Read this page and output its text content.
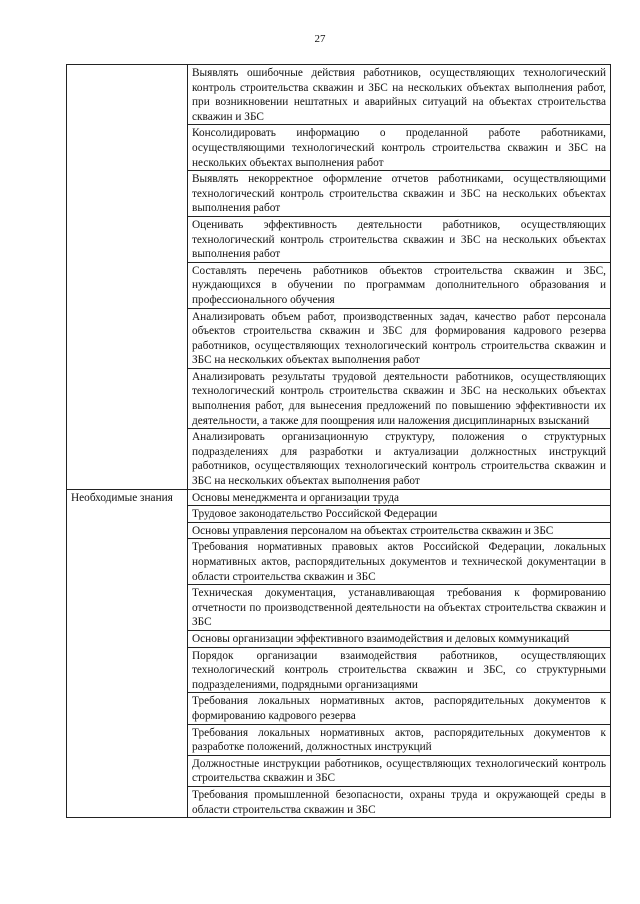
27
	Выявлять ошибочные действия работников, осуществляющих технологический контроль строительства скважин и ЗБС на нескольких объектах выполнения работ, при возникновении нештатных и аварийных ситуаций на объектах строительства скважин и ЗБС
	Консолидировать информацию о проделанной работе работниками, осуществляющими технологический контроль строительства скважин и ЗБС на нескольких объектах выполнения работ
	Выявлять некорректное оформление отчетов работниками, осуществляющими технологический контроль строительства скважин и ЗБС на нескольких объектах выполнения работ
	Оценивать эффективность деятельности работников, осуществляющих технологический контроль строительства скважин и ЗБС на нескольких объектах выполнения работ
	Составлять перечень работников объектов строительства скважин и ЗБС, нуждающихся в обучении по программам дополнительного образования и профессионального обучения
	Анализировать объем работ, производственных задач, качество работ персонала объектов строительства скважин и ЗБС для формирования кадрового резерва работников, осуществляющих технологический контроль строительства скважин и ЗБС на нескольких объектах выполнения работ
	Анализировать результаты трудовой деятельности работников, осуществляющих технологический контроль строительства скважин и ЗБС на нескольких объектах выполнения работ, для вынесения предложений по повышению эффективности их деятельности, а также для поощрения или наложения дисциплинарных взысканий
	Анализировать организационную структуру, положения о структурных подразделениях для разработки и актуализации должностных инструкций работников, осуществляющих технологический контроль строительства скважин и ЗБС на нескольких объектах выполнения работ
Необходимые знания	Основы менеджмента и организации труда
	Трудовое законодательство Российской Федерации
	Основы управления персоналом на объектах строительства скважин и ЗБС
	Требования нормативных правовых актов Российской Федерации, локальных нормативных актов, распорядительных документов и технической документации в области строительства скважин и ЗБС
	Техническая документация, устанавливающая требования к формированию отчетности по производственной деятельности на объектах строительства скважин и ЗБС
	Основы организации эффективного взаимодействия и деловых коммуникаций
	Порядок организации взаимодействия работников, осуществляющих технологический контроль строительства скважин и ЗБС, со структурными подразделениями, подрядными организациями
	Требования локальных нормативных актов, распорядительных документов к формированию кадрового резерва
	Требования локальных нормативных актов, распорядительных документов к разработке положений, должностных инструкций
	Должностные инструкции работников, осуществляющих технологический контроль строительства скважин и ЗБС
	Требования промышленной безопасности, охраны труда и окружающей среды в области строительства скважин и ЗБС
